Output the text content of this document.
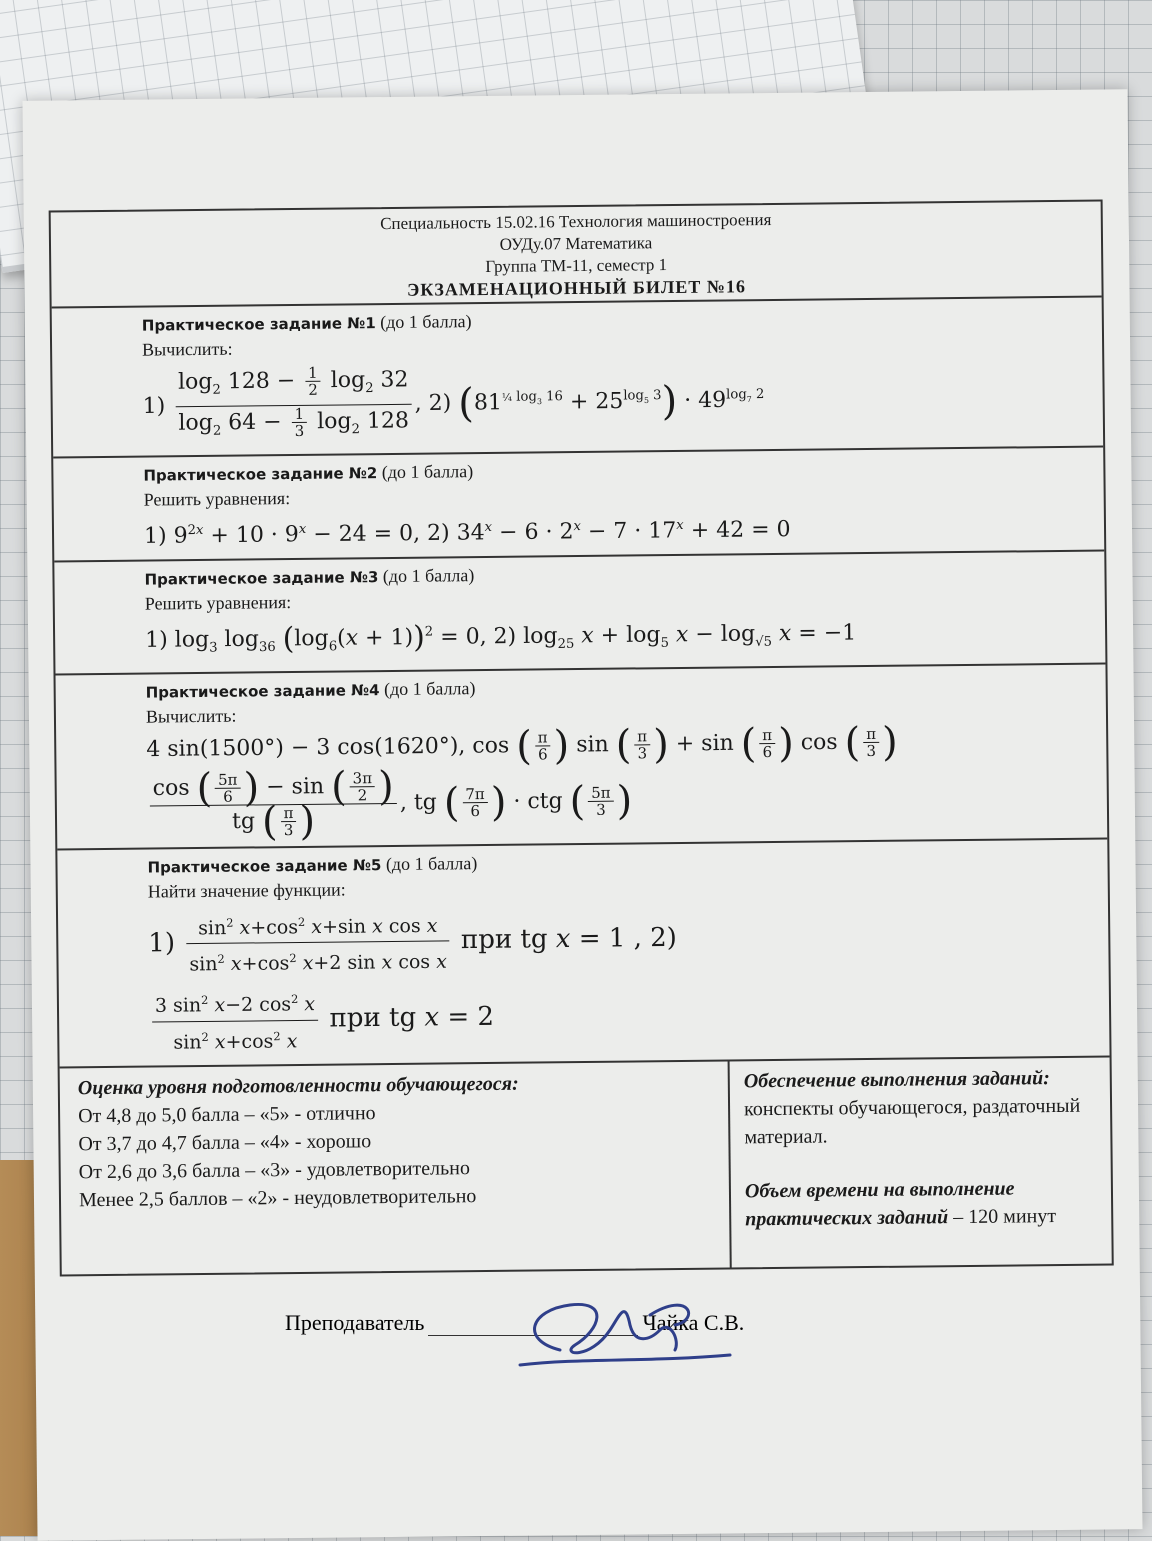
Специальность 15.02.16 Технология машиностроения
ОУДу.07 Математика
Группа ТМ-11, семестр 1
ЭКЗАМЕНАЦИОННЫЙ БИЛЕТ №16
Практическое задание №1 (до 1 балла)
Вычислить:
$1) \frac{\log_2 128 - \frac{1}{2} \log_2 32}{\log_2 64 - \frac{1}{3} \log_2 128}$ , 2) $(81^{\frac{1}{4} log_3 16} + 25^{log_5 3}) \cdot 49^{log_7 2}$
Практическое задание №2 (до 1 балла)
Решить уравнения:
1) $9^{2x} + 10 \cdot 9^x - 24 = 0$, 2) $34^x - 6 \cdot 2^x - 7 \cdot 17^x + 42 = 0$
Практическое задание №3 (до 1 балла)
Решить уравнения:
1) $\log_3 \log_{36} (\log_6(x + 1))^2 = 0$, 2) $\log_{25} x + \log_5 x - \log_{√5} x = -1$
Практическое задание №4 (до 1 балла)
Вычислить:
4 sin(1500°) − 3 cos(1620°), cos ( $\frac{\pi}{6}$ ) sin ( $\frac{\pi}{3}$ ) + sin ( $\frac{\pi}{6}$ ) cos ( $\frac{\pi}{3}$ )
$\frac{\cos ( \frac{5\pi}{6} ) - \sin ( \frac{3\pi}{2} )}{tg ( \frac{\pi}{3} )}$ , tg ( $\frac{7\pi}{6}$ ) · ctg ( $\frac{5\pi}{3}$ )
Практическое задание №5 (до 1 балла)
Найти значение функции:
$1) \frac{\sin^2 x+\cos^2 x+\sin x \cos x}{\sin^2 x+\cos^2 x+2 \sin x \cos x}$ при tg x = 1 , 2)
$\frac{3 \sin^2 x-2 \cos^2 x}{\sin^2 x+\cos^2 x}$ при tg x = 2
Оценка уровня подготовленности обучающегося:
От 4,8 до 5,0 балла – «5» - отлично
От 3,7 до 4,7 балла – «4» - хорошо
От 2,6 до 3,6 балла – «3» - удовлетворительно
Менее 2,5 баллов – «2» - неудовлетворительно
Обеспечение выполнения заданий: конспекты обучающегося, раздаточный материал.
Объем времени на выполнение практических заданий – 120 минут
Преподаватель	Чайка С.В.
